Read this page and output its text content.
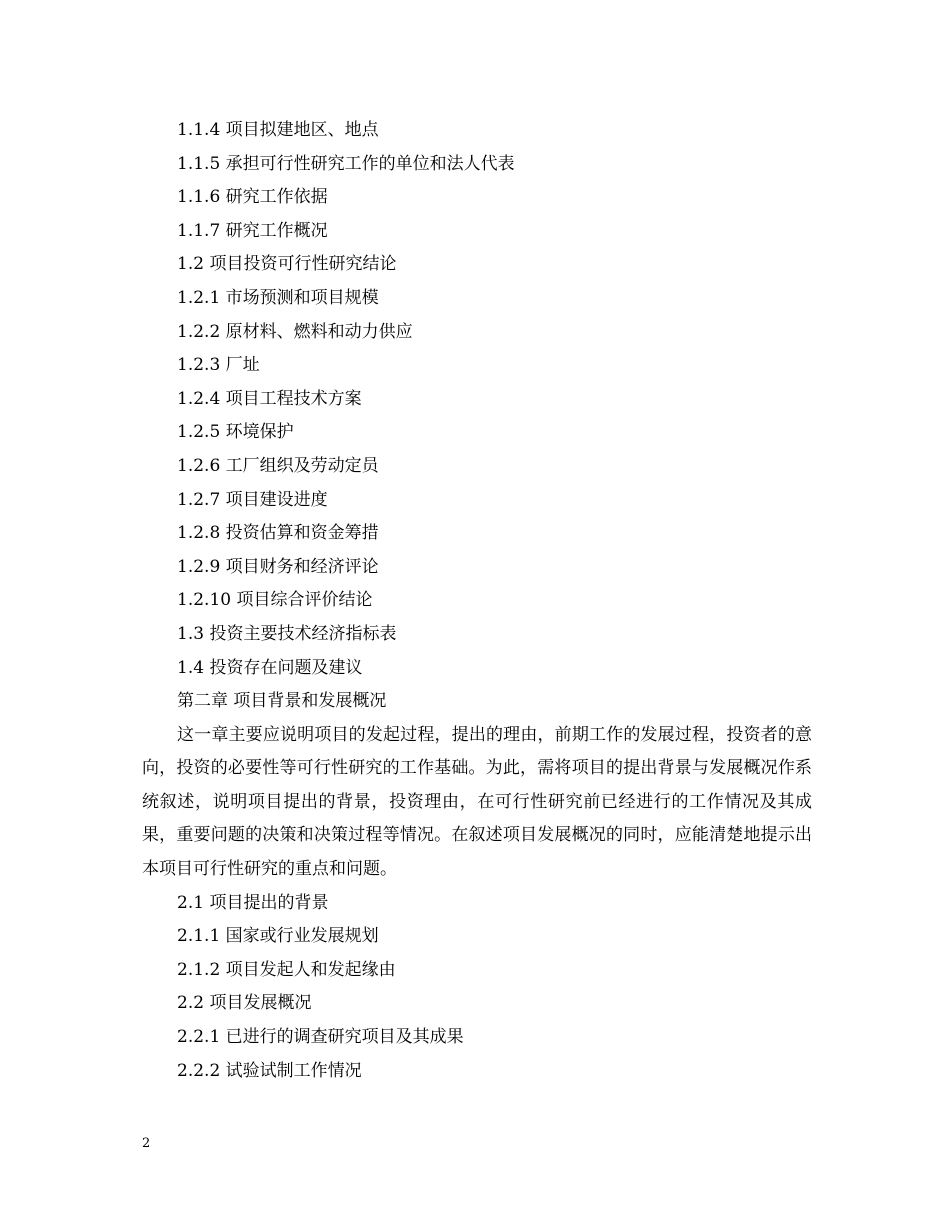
1.1.4 项目拟建地区、地点
1.1.5 承担可行性研究工作的单位和法人代表
1.1.6 研究工作依据
1.1.7 研究工作概况
1.2 项目投资可行性研究结论
1.2.1 市场预测和项目规模
1.2.2 原材料、燃料和动力供应
1.2.3 厂址
1.2.4 项目工程技术方案
1.2.5 环境保护
1.2.6 工厂组织及劳动定员
1.2.7 项目建设进度
1.2.8 投资估算和资金筹措
1.2.9 项目财务和经济评论
1.2.10 项目综合评价结论
1.3 投资主要技术经济指标表
1.4 投资存在问题及建议
第二章 项目背景和发展概况

这一章主要应说明项目的发起过程，提出的理由，前期工作的发展过程，投资者的意向，投资的必要性等可行性研究的工作基础。为此，需将项目的提出背景与发展概况作系统叙述，说明项目提出的背景，投资理由，在可行性研究前已经进行的工作情况及其成果，重要问题的决策和决策过程等情况。在叙述项目发展概况的同时，应能清楚地提示出本项目可行性研究的重点和问题。

2.1 项目提出的背景
2.1.1 国家或行业发展规划
2.1.2 项目发起人和发起缘由
2.2 项目发展概况
2.2.1 已进行的调查研究项目及其成果
2.2.2 试验试制工作情况
2
